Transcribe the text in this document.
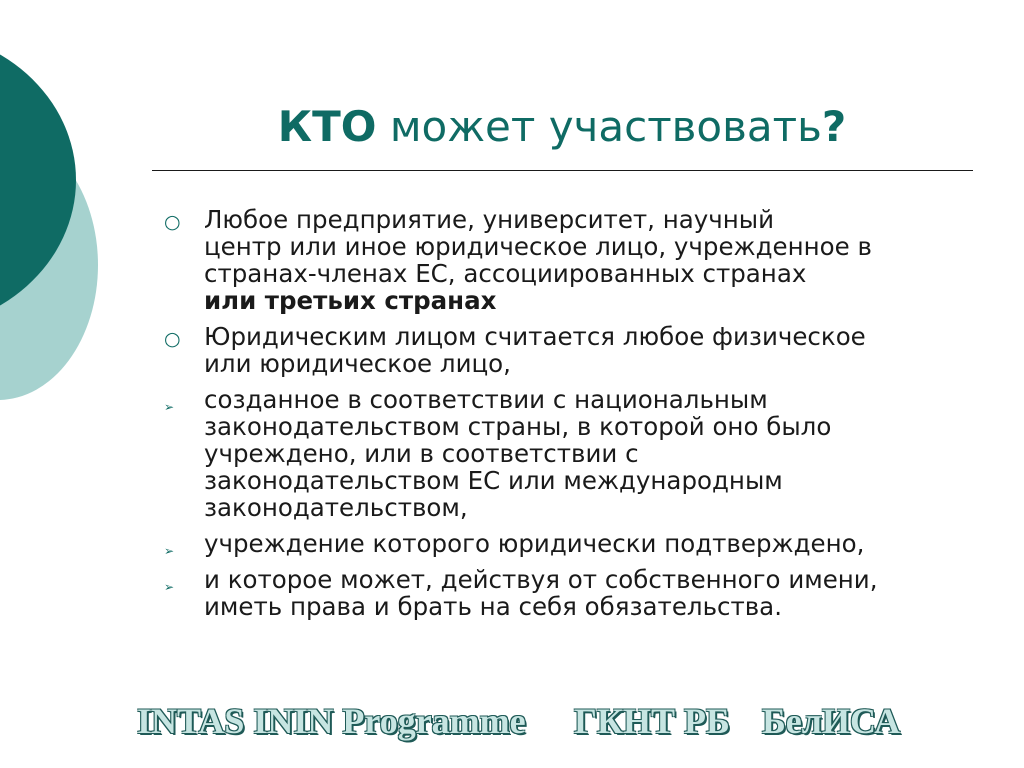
КТО может участвовать?
○ Любое предприятие, университет, научный
центр или иное юридическое лицо, учрежденное в
странах-членах ЕС, ассоциированных странах
или третьих странах
○ Юридическим лицом считается любое физическое
или юридическое лицо,
➢ созданное в соответствии с национальным
законодательством страны, в которой оно было
учреждено, или в соответствии с
законодательством ЕС или международным
законодательством,
➢ учреждение которого юридически подтверждено,
➢ и которое может, действуя от собственного имени,
иметь права и брать на себя обязательства.
INTAS ININ Programme ГКНТ РБ БелИСА
